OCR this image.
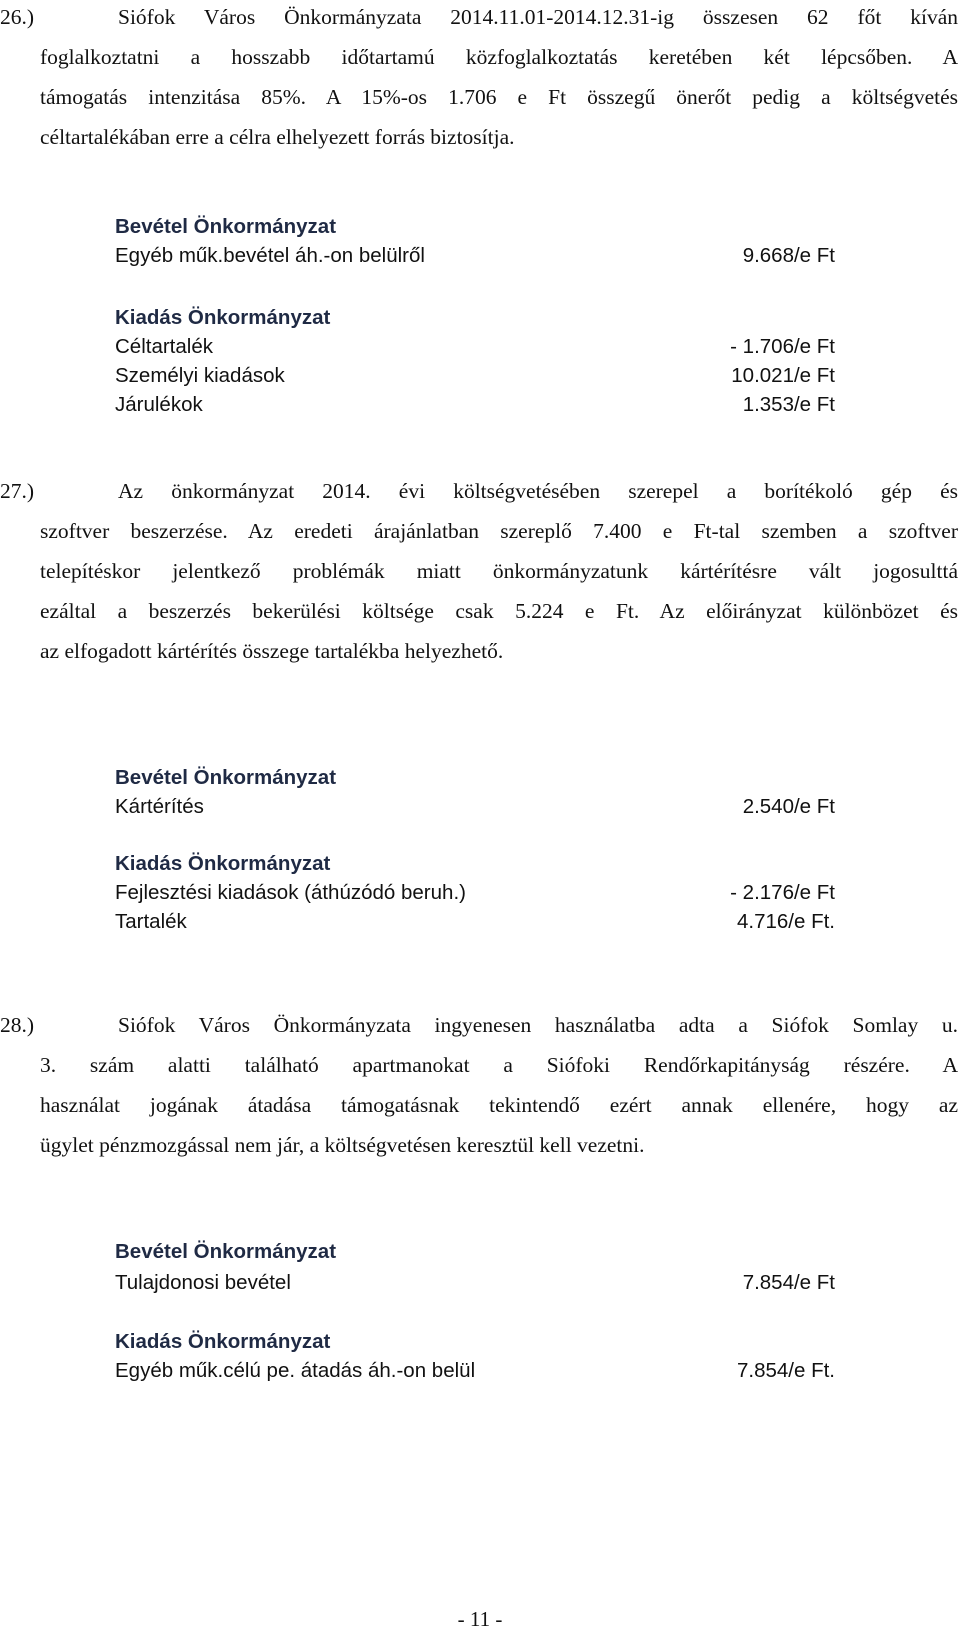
26.)	Siófok Város Önkormányzata 2014.11.01-2014.12.31-ig összesen 62 főt kíván
foglalkoztatni a hosszabb időtartamú közfoglalkoztatás keretében két lépcsőben. A
támogatás intenzitása 85%. A 15%-os 1.706 e Ft összegű önerőt pedig a költségvetés
céltartalékában erre a célra elhelyezett forrás biztosítja.
Bevétel Önkormányzat
Egyéb műk.bevétel áh.-on belülről	9.668/e Ft
Kiadás Önkormányzat
Céltartalék	- 1.706/e Ft
Személyi kiadások	10.021/e Ft
Járulékok	1.353/e Ft
27.)	Az önkormányzat 2014. évi költségvetésében szerepel a borítékoló gép és
szoftver beszerzése. Az eredeti árajánlatban szereplő 7.400 e Ft-tal szemben a szoftver
telepítéskor jelentkező problémák miatt önkormányzatunk kártérítésre vált jogosulttá
ezáltal a beszerzés bekerülési költsége csak 5.224 e Ft. Az előirányzat különbözet és
az elfogadott kártérítés összege tartalékba helyezhető.
Bevétel Önkormányzat
Kártérítés	2.540/e Ft
Kiadás Önkormányzat
Fejlesztési kiadások (áthúzódó beruh.)	- 2.176/e Ft
Tartalék	4.716/e Ft.
28.)	Siófok Város Önkormányzata ingyenesen használatba adta a Siófok Somlay u.
3. szám alatti található apartmanokat a Siófoki Rendőrkapitányság részére. A
használat jogának átadása támogatásnak tekintendő ezért annak ellenére, hogy az
ügylet pénzmozgással nem jár, a költségvetésen keresztül kell vezetni.
Bevétel Önkormányzat
Tulajdonosi bevétel	7.854/e Ft
Kiadás Önkormányzat
Egyéb műk.célú pe. átadás áh.-on belül	7.854/e Ft.
- 11 -
